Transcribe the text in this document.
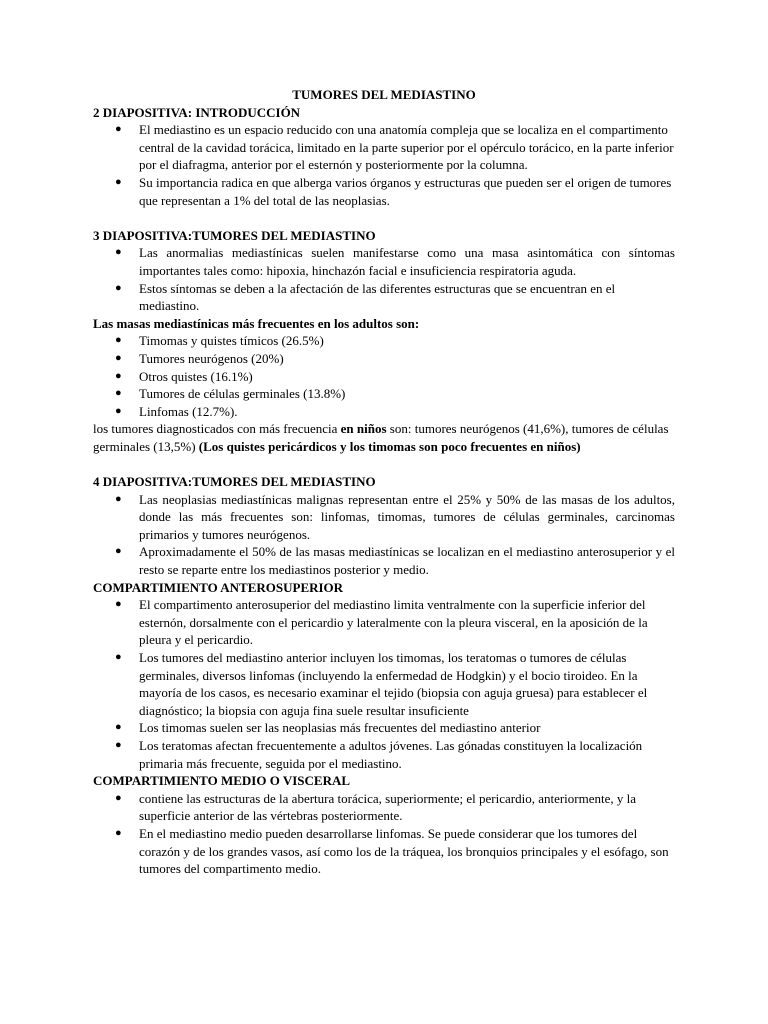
TUMORES DEL MEDIASTINO

2 DIAPOSITIVA: INTRODUCCIÓN

● El mediastino es un espacio reducido con una anatomía compleja que se localiza en el compartimento central de la cavidad torácica, limitado en la parte superior por el opérculo torácico, en la parte inferior por el diafragma, anterior por el esternón y posteriormente por la columna.
● Su importancia radica en que alberga varios órganos y estructuras que pueden ser el origen de tumores que representan a 1% del total de las neoplasias.

3 DIAPOSITIVA:TUMORES DEL MEDIASTINO

● Las anormalias mediastínicas suelen manifestarse como una masa asintomática con síntomas importantes tales como: hipoxia, hinchazón facial e insuficiencia respiratoria aguda.
● Estos síntomas se deben a la afectación de las diferentes estructuras que se encuentran en el mediastino.

Las masas mediastínicas más frecuentes en los adultos son:

● Timomas y quistes tímicos (26.5%)
● Tumores neurógenos (20%)
● Otros quistes (16.1%)
● Tumores de células germinales (13.8%)
● Linfomas (12.7%).

los tumores diagnosticados con más frecuencia en niños son: tumores neurógenos (41,6%), tumores de células germinales (13,5%) (Los quistes pericárdicos y los timomas son poco frecuentes en niños)

4 DIAPOSITIVA:TUMORES DEL MEDIASTINO

● Las neoplasias mediastínicas malignas representan entre el 25% y 50% de las masas de los adultos, donde las más frecuentes son: linfomas, timomas, tumores de células germinales, carcinomas primarios y tumores neurógenos.
● Aproximadamente el 50% de las masas mediastínicas se localizan en el mediastino anterosuperior y el resto se reparte entre los mediastinos posterior y medio.

COMPARTIMIENTO ANTEROSUPERIOR

● El compartimento anterosuperior del mediastino limita ventralmente con la superficie inferior del esternón, dorsalmente con el pericardio y lateralmente con la pleura visceral, en la aposición de la pleura y el pericardio.
● Los tumores del mediastino anterior incluyen los timomas, los teratomas o tumores de células germinales, diversos linfomas (incluyendo la enfermedad de Hodgkin) y el bocio tiroideo. En la mayoría de los casos, es necesario examinar el tejido (biopsia con aguja gruesa) para establecer el diagnóstico; la biopsia con aguja fina suele resultar insuficiente
● Los timomas suelen ser las neoplasias más frecuentes del mediastino anterior
● Los teratomas afectan frecuentemente a adultos jóvenes. Las gónadas constituyen la localización primaria más frecuente, seguida por el mediastino.

COMPARTIMIENTO MEDIO O VISCERAL

● contiene las estructuras de la abertura torácica, superiormente; el pericardio, anteriormente, y la superficie anterior de las vértebras posteriormente.
● En el mediastino medio pueden desarrollarse linfomas. Se puede considerar que los tumores del corazón y de los grandes vasos, así como los de la tráquea, los bronquios principales y el esófago, son tumores del compartimento medio.
